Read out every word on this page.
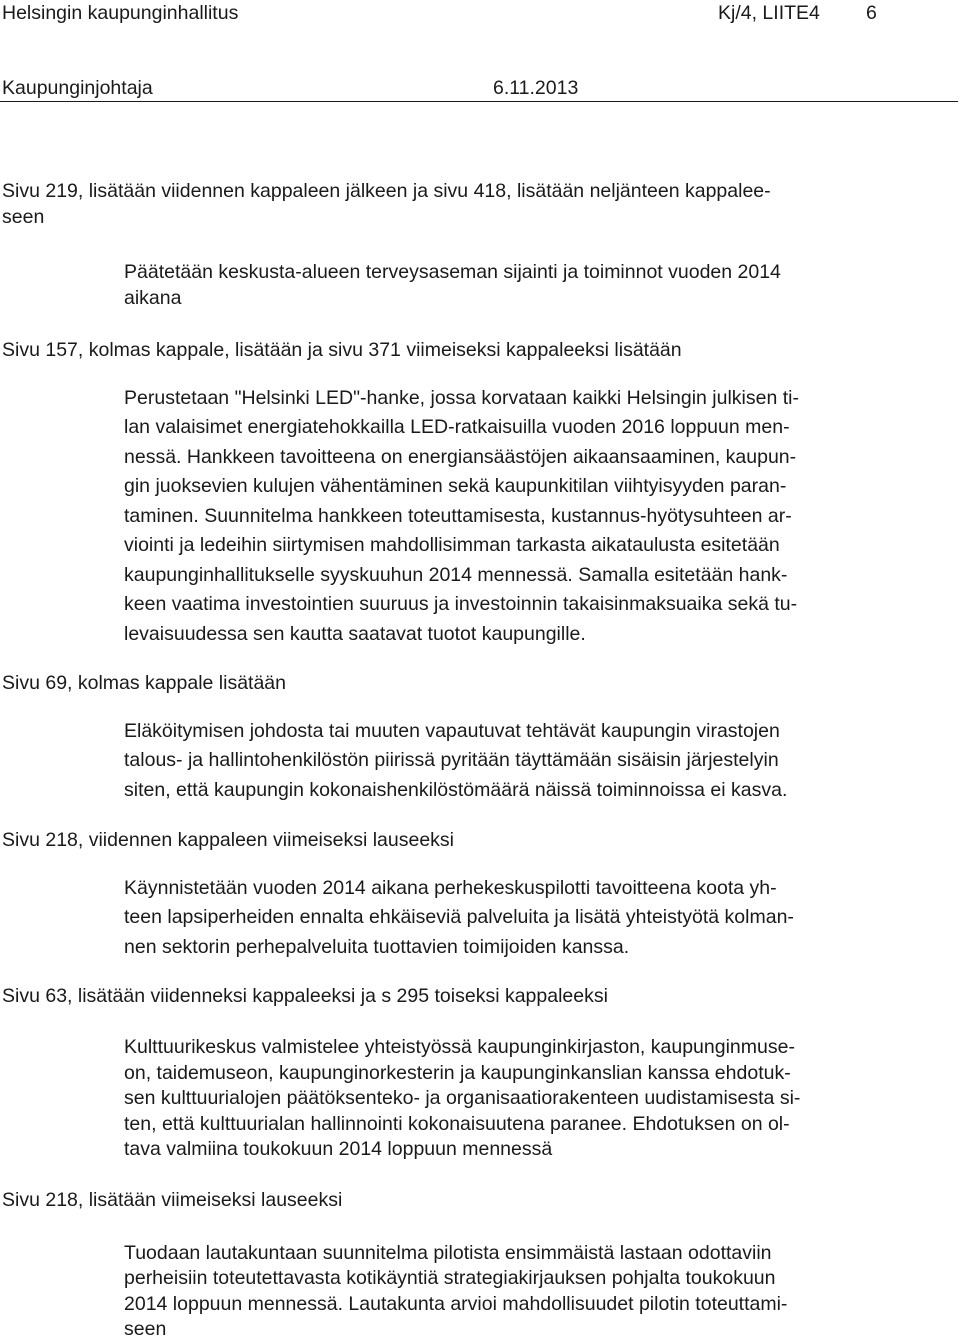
Helsingin kaupunginhallitus	Kj/4, LIITE4 6
Kaupunginjohtaja	6.11.2013
Sivu 219, lisätään viidennen kappaleen jälkeen ja sivu 418, lisätään neljänteen kappalee-
seen
Päätetään keskusta-alueen terveysaseman sijainti ja toiminnot vuoden 2014
aikana
Sivu 157, kolmas kappale, lisätään ja sivu 371 viimeiseksi kappaleeksi lisätään
Perustetaan "Helsinki LED"-hanke, jossa korvataan kaikki Helsingin julkisen ti-
lan valaisimet energiatehokkailla LED-ratkaisuilla vuoden 2016 loppuun men-
nessä. Hankkeen tavoitteena on energiansäästöjen aikaansaaminen, kaupun-
gin juoksevien kulujen vähentäminen sekä kaupunkitilan viihtyisyyden paran-
taminen. Suunnitelma hankkeen toteuttamisesta, kustannus-hyötysuhteen ar-
viointi ja ledeihin siirtymisen mahdollisimman tarkasta aikataulusta esitetään
kaupunginhallitukselle syyskuuhun 2014 mennessä. Samalla esitetään hank-
keen vaatima investointien suuruus ja investoinnin takaisinmaksuaika sekä tu-
levaisuudessa sen kautta saatavat tuotot kaupungille.
Sivu 69, kolmas kappale lisätään
Eläköitymisen johdosta tai muuten vapautuvat tehtävät kaupungin virastojen
talous- ja hallintohenkilöstön piirissä pyritään täyttämään sisäisin järjestelyin
siten, että kaupungin kokonaishenkilöstömäärä näissä toiminnoissa ei kasva.
Sivu 218, viidennen kappaleen viimeiseksi lauseeksi
Käynnistetään vuoden 2014 aikana perhekeskuspilotti tavoitteena koota yh-
teen lapsiperheiden ennalta ehkäiseviä palveluita ja lisätä yhteistyötä kolman-
nen sektorin perhepalveluita tuottavien toimijoiden kanssa.
Sivu 63, lisätään viidenneksi kappaleeksi ja s 295 toiseksi kappaleeksi
Kulttuurikeskus valmistelee yhteistyössä kaupunginkirjaston, kaupunginmuse-
on, taidemuseon, kaupunginorkesterin ja kaupunginkanslian kanssa ehdotuk-
sen kulttuurialojen päätöksenteko- ja organisaatiorakenteen uudistamisesta si-
ten, että kulttuurialan hallinnointi kokonaisuutena paranee. Ehdotuksen on ol-
tava valmiina toukokuun 2014 loppuun mennessä
Sivu 218, lisätään viimeiseksi lauseeksi
Tuodaan lautakuntaan suunnitelma pilotista ensimmäistä lastaan odottaviin
perheisiin toteutettavasta kotikäyntiä strategiakirjauksen pohjalta toukokuun
2014 loppuun mennessä. Lautakunta arvioi mahdollisuudet pilotin toteuttami-
seen
